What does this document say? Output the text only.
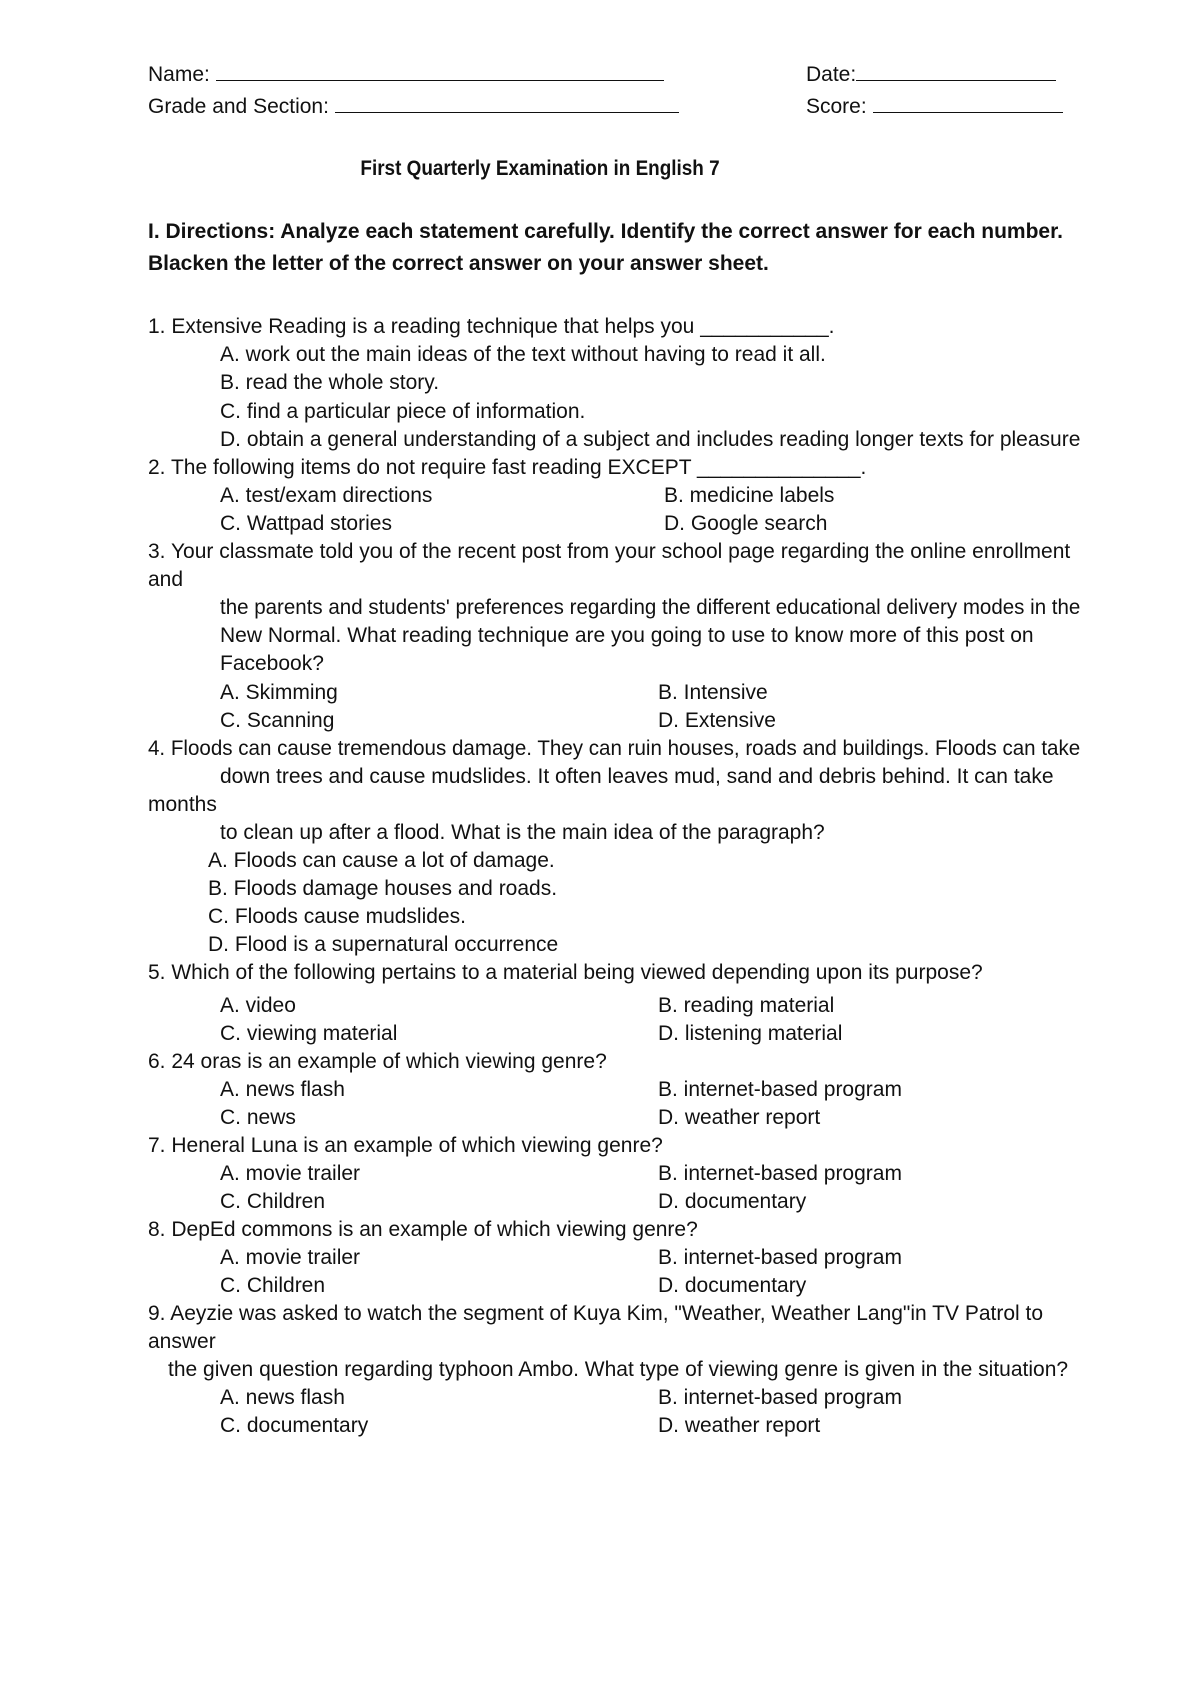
Name:	Date:
Grade and Section:	Score:
First Quarterly Examination in English 7
I. Directions: Analyze each statement carefully. Identify the correct answer for each number.
Blacken the letter of the correct answer on your answer sheet.
1. Extensive Reading is a reading technique that helps you ___________.
A. work out the main ideas of the text without having to read it all.
B. read the whole story.
C. find a particular piece of information.
D. obtain a general understanding of a subject and includes reading longer texts for pleasure
2. The following items do not require fast reading EXCEPT ______________.
A. test/exam directions	B. medicine labels
C. Wattpad stories	D. Google search
3. Your classmate told you of the recent post from your school page regarding the online enrollment
and
the parents and students' preferences regarding the different educational delivery modes in the
New Normal. What reading technique are you going to use to know more of this post on
Facebook?
A. Skimming	B. Intensive
C. Scanning	D. Extensive
4. Floods can cause tremendous damage. They can ruin houses, roads and buildings. Floods can take
down trees and cause mudslides. It often leaves mud, sand and debris behind. It can take
months
to clean up after a flood. What is the main idea of the paragraph?
A. Floods can cause a lot of damage.
B. Floods damage houses and roads.
C. Floods cause mudslides.
D. Flood is a supernatural occurrence
5. Which of the following pertains to a material being viewed depending upon its purpose?
A. video	B. reading material
C. viewing material	D. listening material
6. 24 oras is an example of which viewing genre?
A. news flash	B. internet-based program
C. news	D. weather report
7. Heneral Luna is an example of which viewing genre?
A. movie trailer	B. internet-based program
C. Children	D. documentary
8. DepEd commons is an example of which viewing genre?
A. movie trailer	B. internet-based program
C. Children	D. documentary
9. Aeyzie was asked to watch the segment of Kuya Kim, "Weather, Weather Lang"in TV Patrol to
answer
the given question regarding typhoon Ambo. What type of viewing genre is given in the situation?
A. news flash	B. internet-based program
C. documentary	D. weather report
